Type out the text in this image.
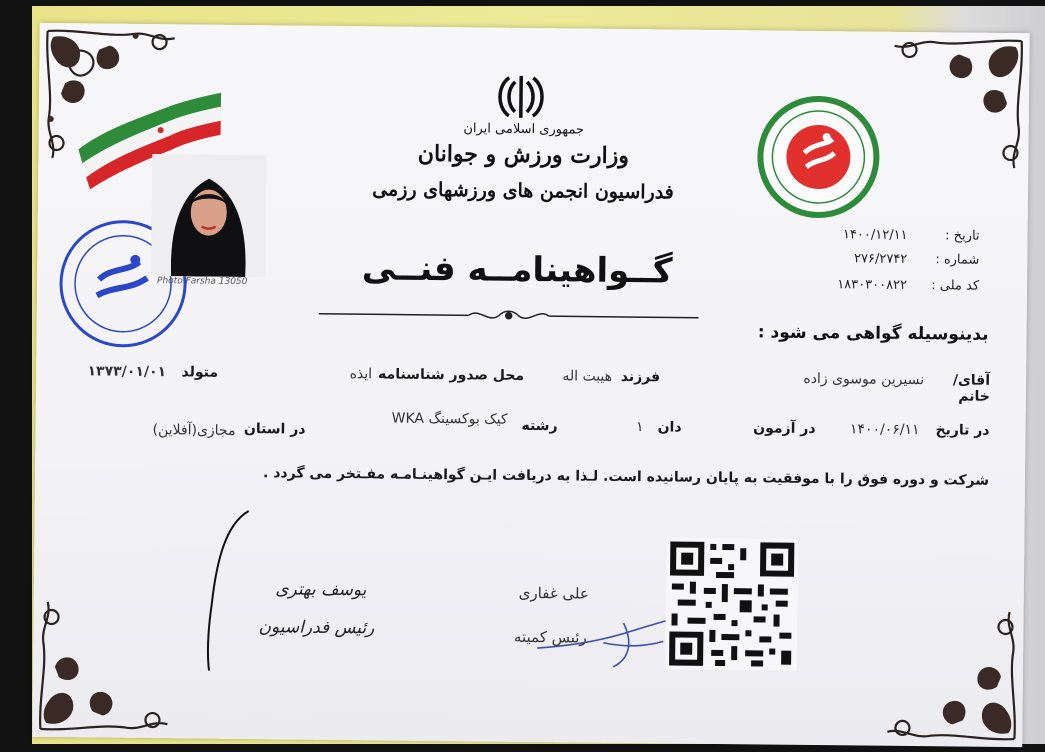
جمهوری اسلامی ایران
وزارت ورزش و جوانان
فدراسیون انجمن های ورزشهای رزمی
گــواهینامــه فنــی
تاریخ :
۱۴۰۰/۱۲/۱۱
شماره :
۲۷۶/۲۷۴۲
کد ملی :
۱۸۳۰۳۰۰۸۲۲
Photo Farsha 13050
بدینوسیله گواهی می شود :
آقای/خانم
نسیرین موسوی زاده
فرزند
هیبت اله
محل صدور شناسنامه
ایذه
متولد
۱۳۷۳/۰۱/۰۱
در تاریخ
۱۴۰۰/۰۶/۱۱
در آزمون
دان
۱
رشته
کیک بوکسینگ WKA
در استان
مجازی(آفلاین)
شرکت و دوره فوق را با موفقیت به پایان رسانیده است. لـذا به دریافت ایـن گواهینـامـه مفـتخر می گردد .
یوسف بهتری
رئیس فدراسیون
علی غفاری
رئیس کمیته
